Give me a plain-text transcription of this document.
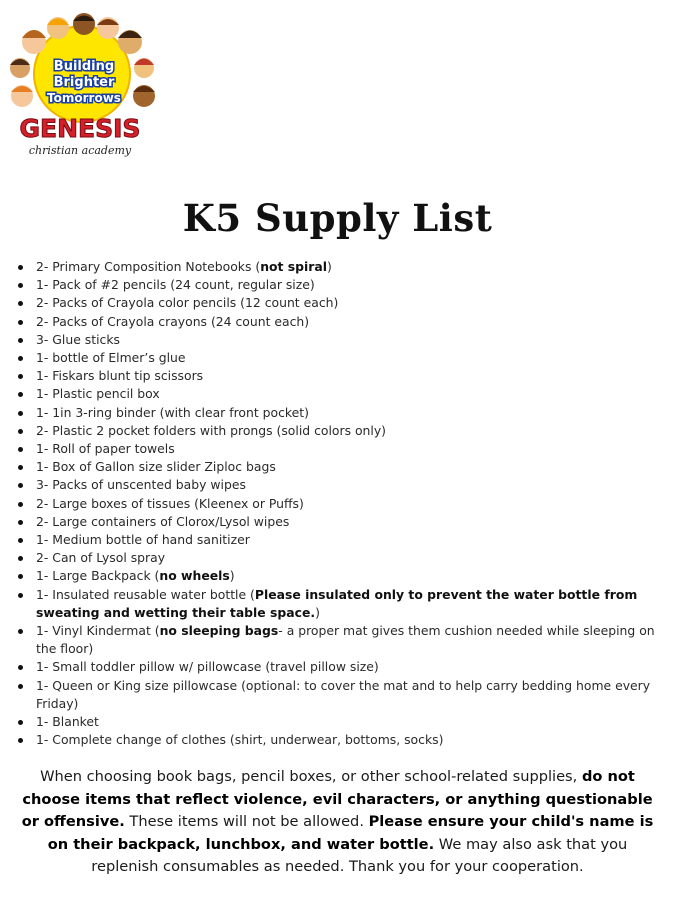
Building
Brighter
Tomorrows
GENESIS
christian academy
K5 Supply List
2- Primary Composition Notebooks (not spiral)
1- Pack of #2 pencils (24 count, regular size)
2- Packs of Crayola color pencils (12 count each)
2- Packs of Crayola crayons (24 count each)
3- Glue sticks
1- bottle of Elmer’s glue
1- Fiskars blunt tip scissors
1- Plastic pencil box
1- 1in 3-ring binder (with clear front pocket)
2- Plastic 2 pocket folders with prongs (solid colors only)
1- Roll of paper towels
1- Box of Gallon size slider Ziploc bags
3- Packs of unscented baby wipes
2- Large boxes of tissues (Kleenex or Puffs)
2- Large containers of Clorox/Lysol wipes
1- Medium bottle of hand sanitizer
2- Can of Lysol spray
1- Large Backpack (no wheels)
1- Insulated reusable water bottle (Please insulated only to prevent the water bottle from sweating and wetting their table space.)
1- Vinyl Kindermat (no sleeping bags- a proper mat gives them cushion needed while sleeping on the floor)
1- Small toddler pillow w/ pillowcase (travel pillow size)
1- Queen or King size pillowcase (optional: to cover the mat and to help carry bedding home every Friday)
1- Blanket
1- Complete change of clothes (shirt, underwear, bottoms, socks)
When choosing book bags, pencil boxes, or other school-related supplies, do not choose items that reflect violence, evil characters, or anything questionable or offensive. These items will not be allowed. Please ensure your child's name is on their backpack, lunchbox, and water bottle. We may also ask that you replenish consumables as needed. Thank you for your cooperation.
